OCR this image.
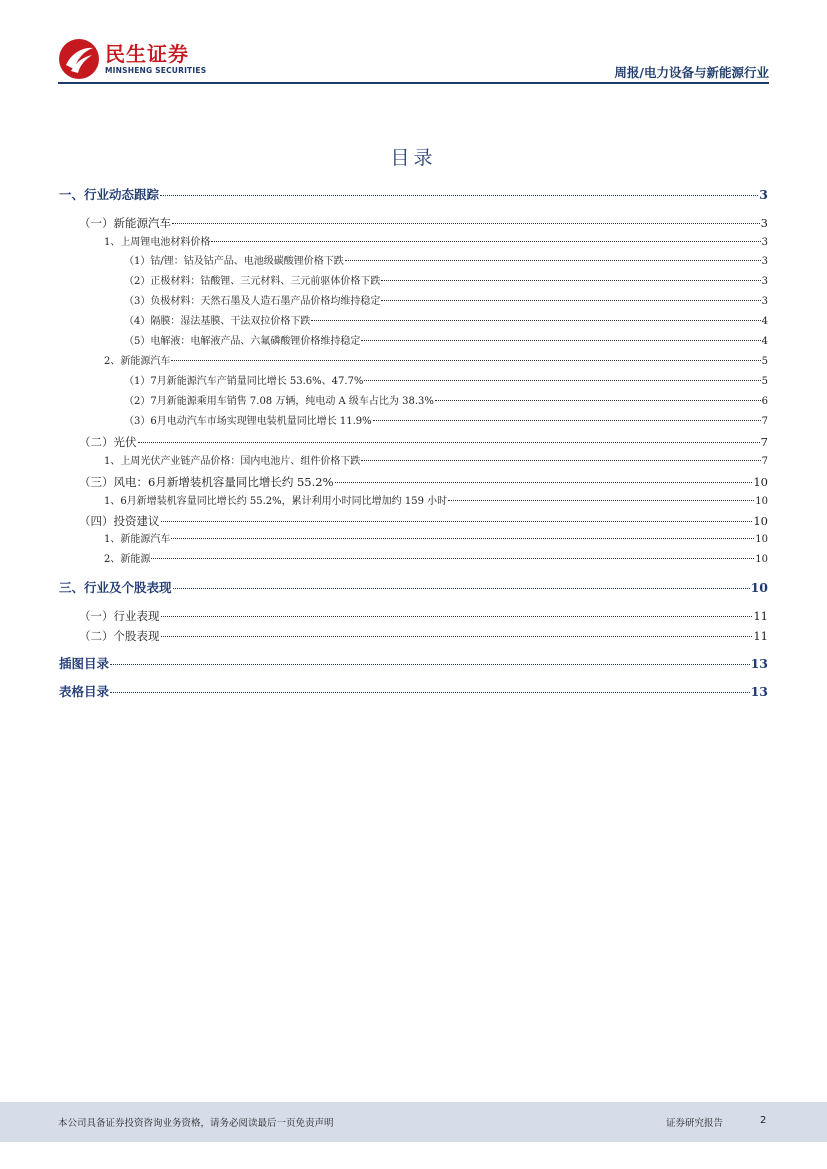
民生证券
MINSHENG SECURITIES	周报/电力设备与新能源行业
目录
一、行业动态跟踪	3
（一）新能源汽车	3
1、上周锂电池材料价格	3
（1）钴/锂：钴及钴产品、电池级碳酸锂价格下跌	3
（2）正极材料：钴酸锂、三元材料、三元前驱体价格下跌	3
（3）负极材料：天然石墨及人造石墨产品价格均维持稳定	3
（4）隔膜：湿法基膜、干法双拉价格下跌	4
（5）电解液：电解液产品、六氟磷酸锂价格维持稳定	4
2、新能源汽车	5
（1）7月新能源汽车产销量同比增长 53.6%、47.7%	5
（2）7月新能源乘用车销售 7.08 万辆，纯电动 A 级车占比为 38.3%	6
（3）6月电动汽车市场实现锂电装机量同比增长 11.9%	7
（二）光伏	7
1、上周光伏产业链产品价格：国内电池片、组件价格下跌	7
（三）风电：6月新增装机容量同比增长约 55.2%	10
1、6月新增装机容量同比增长约 55.2%，累计利用小时同比增加约 159 小时	10
（四）投资建议	10
1、新能源汽车	10
2、新能源	10
三、行业及个股表现	10
（一）行业表现	11
（二）个股表现	11
插图目录	13
表格目录	13
本公司具备证券投资咨询业务资格，请务必阅读最后一页免责声明	证券研究报告	2
